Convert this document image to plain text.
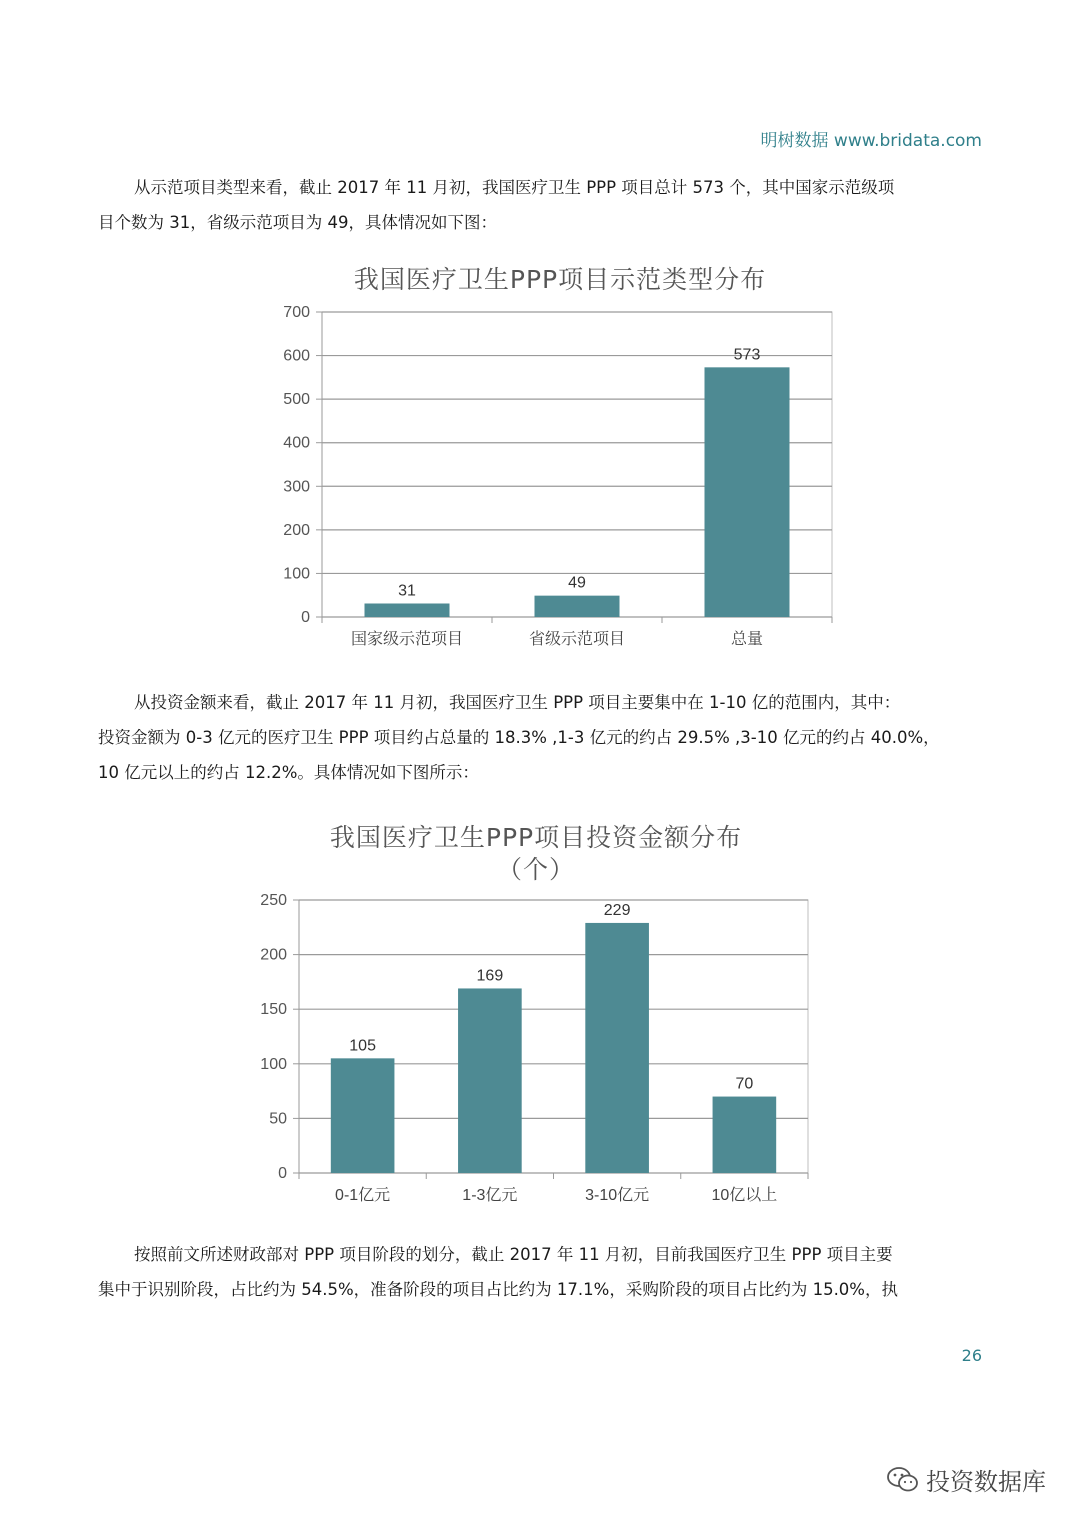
明树数据 www.bridata.com

从示范项目类型来看，截止 2017 年 11 月初，我国医疗卫生 PPP 项目总计 573 个，其中国家示范级项

目个数为 31，省级示范项目为 49，具体情况如下图：

我国医疗卫生PPP项目示范类型分布
0
100
200
300
400
500
600
700
31
国家级示范项目
49
省级示范项目
573
总量

从投资金额来看，截止 2017 年 11 月初，我国医疗卫生 PPP 项目主要集中在 1-10 亿的范围内，其中：

投资金额为 0-3 亿元的医疗卫生 PPP 项目约占总量的 18.3% ,1-3 亿元的约占 29.5% ,3-10 亿元的约占 40.0%，

10 亿元以上的约占 12.2%。具体情况如下图所示：

我国医疗卫生PPP项目投资金额分布
（个）
0
50
100
150
200
250
105
0-1亿元
169
1-3亿元
229
3-10亿元
70
10亿以上

按照前文所述财政部对 PPP 项目阶段的划分，截止 2017 年 11 月初，目前我国医疗卫生 PPP 项目主要

集中于识别阶段，占比约为 54.5%，准备阶段的项目占比约为 17.1%，采购阶段的项目占比约为 15.0%，执

26
投资数据库
